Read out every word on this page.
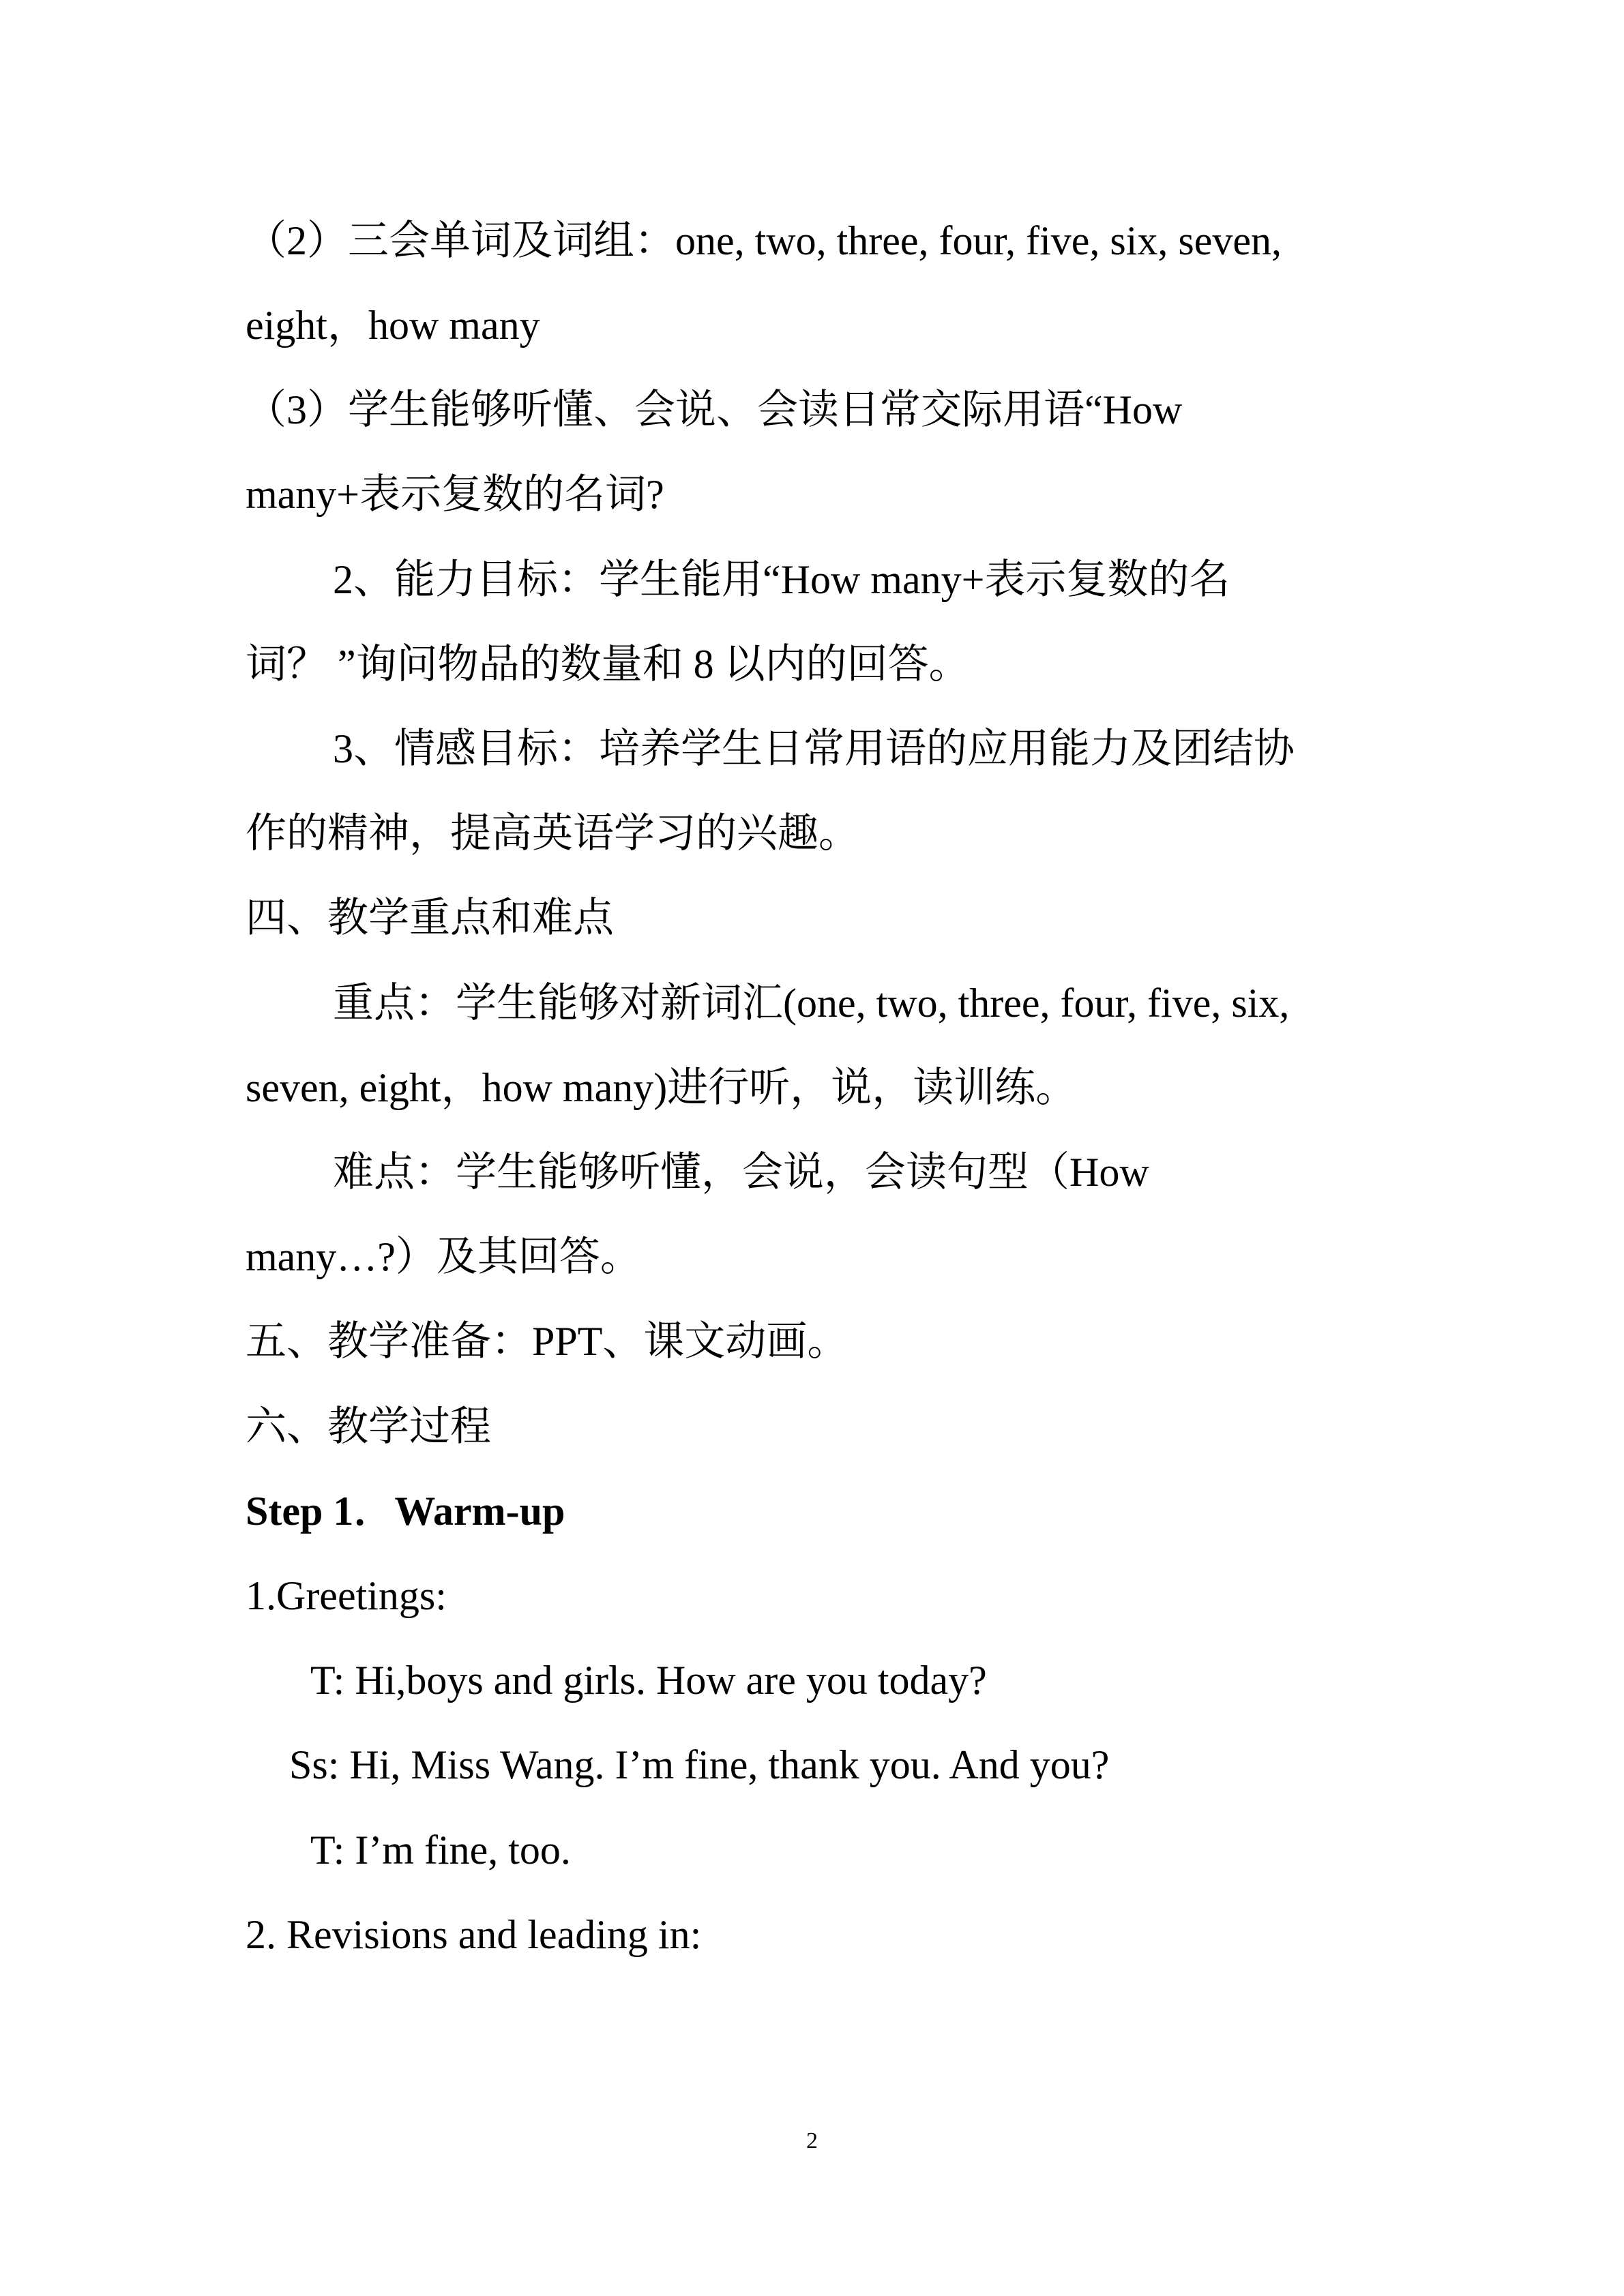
（2）三会单词及词组：one, two, three, four, five, six, seven,
eight，how many
（3）学生能够听懂、会说、会读日常交际用语“How
many+表示复数的名词?
2、能力目标：学生能用“How many+表示复数的名
词？ ”询问物品的数量和 8 以内的回答。
3、情感目标：培养学生日常用语的应用能力及团结协
作的精神，提高英语学习的兴趣。
四、教学重点和难点
重点：学生能够对新词汇(one, two, three, four, five, six,
seven, eight，how many)进行听，说，读训练。
难点：学生能够听懂，会说，会读句型（How
many…?）及其回答。
五、教学准备：PPT、课文动画。
六、教学过程
Step 1．Warm-up
1.Greetings:
T: Hi,boys and girls. How are you today?
Ss: Hi, Miss Wang. I’m fine, thank you. And you?
T: I’m fine, too.
2. Revisions and leading in:
2
